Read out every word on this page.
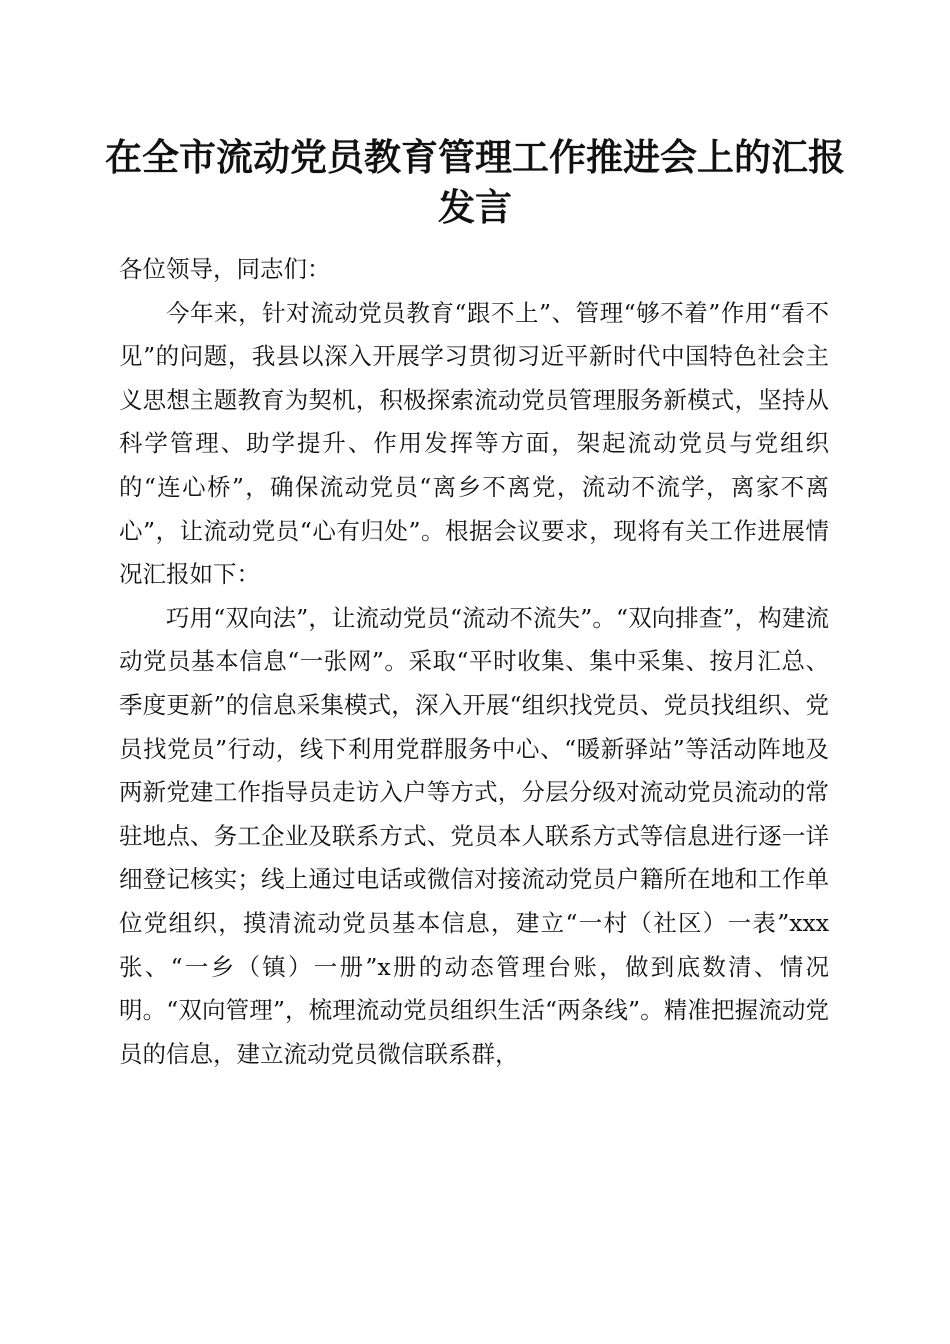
在全市流动党员教育管理工作推进会上的汇报发言

各位领导，同志们：

今年来，针对流动党员教育“跟不上”、管理“够不着”作用“看不见”的问题，我县以深入开展学习贯彻习近平新时代中国特色社会主义思想主题教育为契机，积极探索流动党员管理服务新模式，坚持从科学管理、助学提升、作用发挥等方面，架起流动党员与党组织的“连心桥”，确保流动党员“离乡不离党，流动不流学，离家不离心”，让流动党员“心有归处”。根据会议要求，现将有关工作进展情况汇报如下：

巧用“双向法”，让流动党员“流动不流失”。“双向排查”，构建流动党员基本信息“一张网”。采取“平时收集、集中采集、按月汇总、季度更新”的信息采集模式，深入开展“组织找党员、党员找组织、党员找党员”行动，线下利用党群服务中心、“暖新驿站”等活动阵地及两新党建工作指导员走访入户等方式，分层分级对流动党员流动的常驻地点、务工企业及联系方式、党员本人联系方式等信息进行逐一详细登记核实；线上通过电话或微信对接流动党员户籍所在地和工作单位党组织，摸清流动党员基本信息，建立“一村（社区）一表”xxx张、“一乡（镇）一册”x册的动态管理台账，做到底数清、情况明。“双向管理”，梳理流动党员组织生活“两条线”。精准把握流动党员的信息，建立流动党员微信联系群，
